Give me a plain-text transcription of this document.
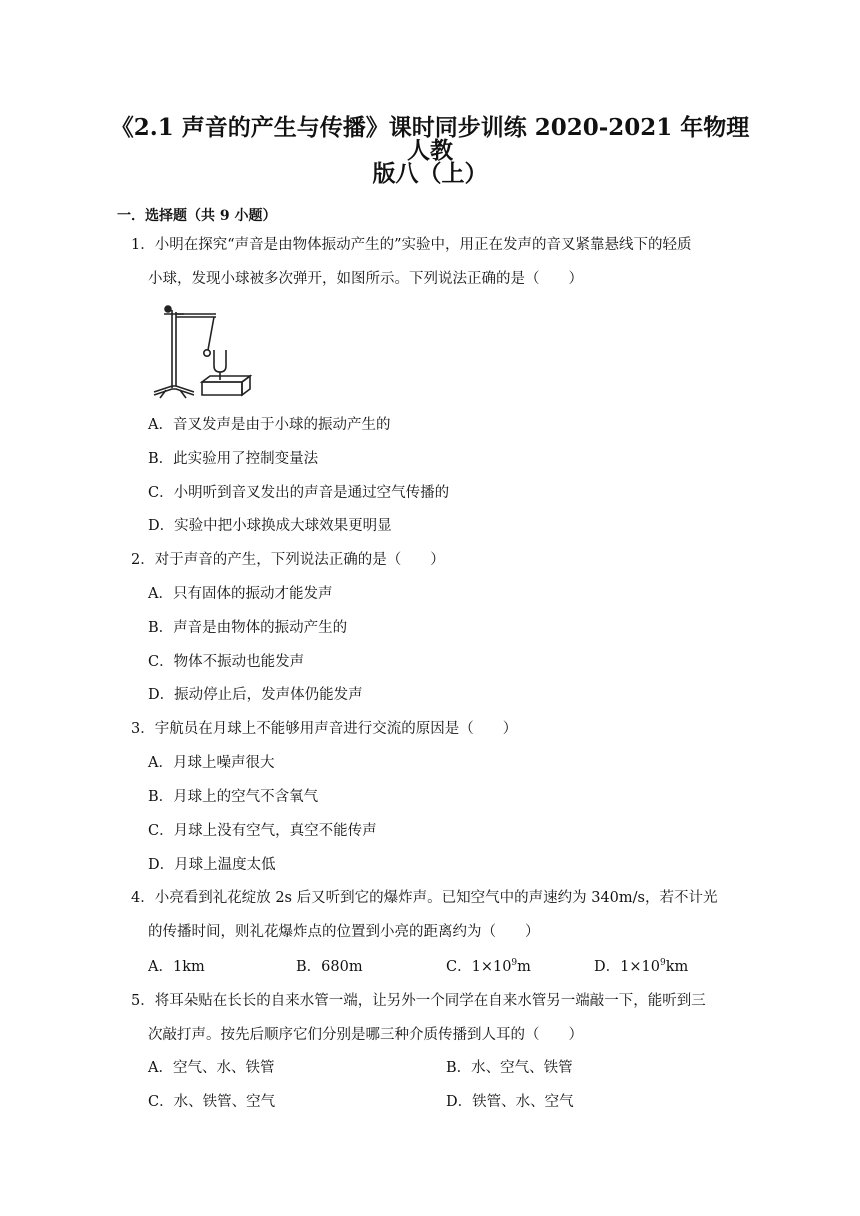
《2.1 声音的产生与传播》课时同步训练 2020-2021 年物理人教
版八（上）
一．选择题（共 9 小题）
1．小明在探究“声音是由物体振动产生的”实验中，用正在发声的音叉紧靠悬线下的轻质
小球，发现小球被多次弹开，如图所示。下列说法正确的是（　　）
A．音叉发声是由于小球的振动产生的
B．此实验用了控制变量法
C．小明听到音叉发出的声音是通过空气传播的
D．实验中把小球换成大球效果更明显
2．对于声音的产生，下列说法正确的是（　　）
A．只有固体的振动才能发声
B．声音是由物体的振动产生的
C．物体不振动也能发声
D．振动停止后，发声体仍能发声
3．宇航员在月球上不能够用声音进行交流的原因是（　　）
A．月球上噪声很大
B．月球上的空气不含氧气
C．月球上没有空气，真空不能传声
D．月球上温度太低
4．小亮看到礼花绽放 2s 后又听到它的爆炸声。已知空气中的声速约为 340m/s，若不计光
的传播时间，则礼花爆炸点的位置到小亮的距离约为（　　）
A．1km	B．680m	C．$1\times 10^9m$	D．$1\times 10^9km$
5．将耳朵贴在长长的自来水管一端，让另外一个同学在自来水管另一端敲一下，能听到三
次敲打声。按先后顺序它们分别是哪三种介质传播到人耳的（　　）
A．空气、水、铁管	B．水、空气、铁管
C．水、铁管、空气	D．铁管、水、空气
